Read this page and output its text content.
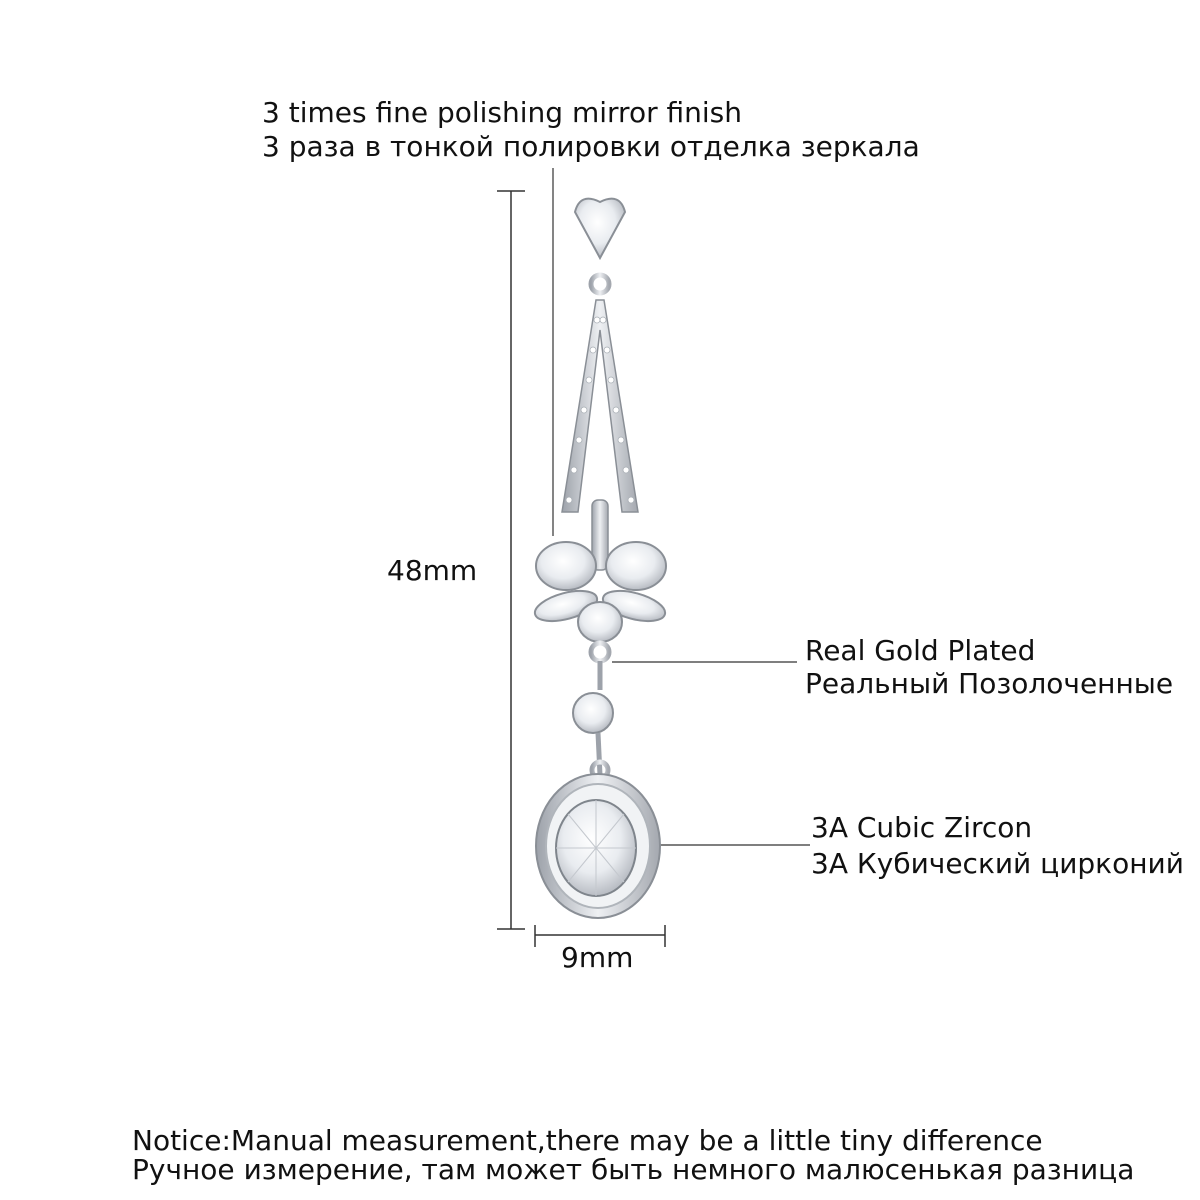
3 times fine polishing mirror finish
3 раза в тонкой полировки отделка зеркала
48mm
9mm
Real Gold Plated
Реальный Позолоченные
3A Cubic Zircon
3A Кубический цирконий
Notice:Manual measurement,there may be a little tiny difference
Ручное измерение, там может быть немного малюсенькая разница
